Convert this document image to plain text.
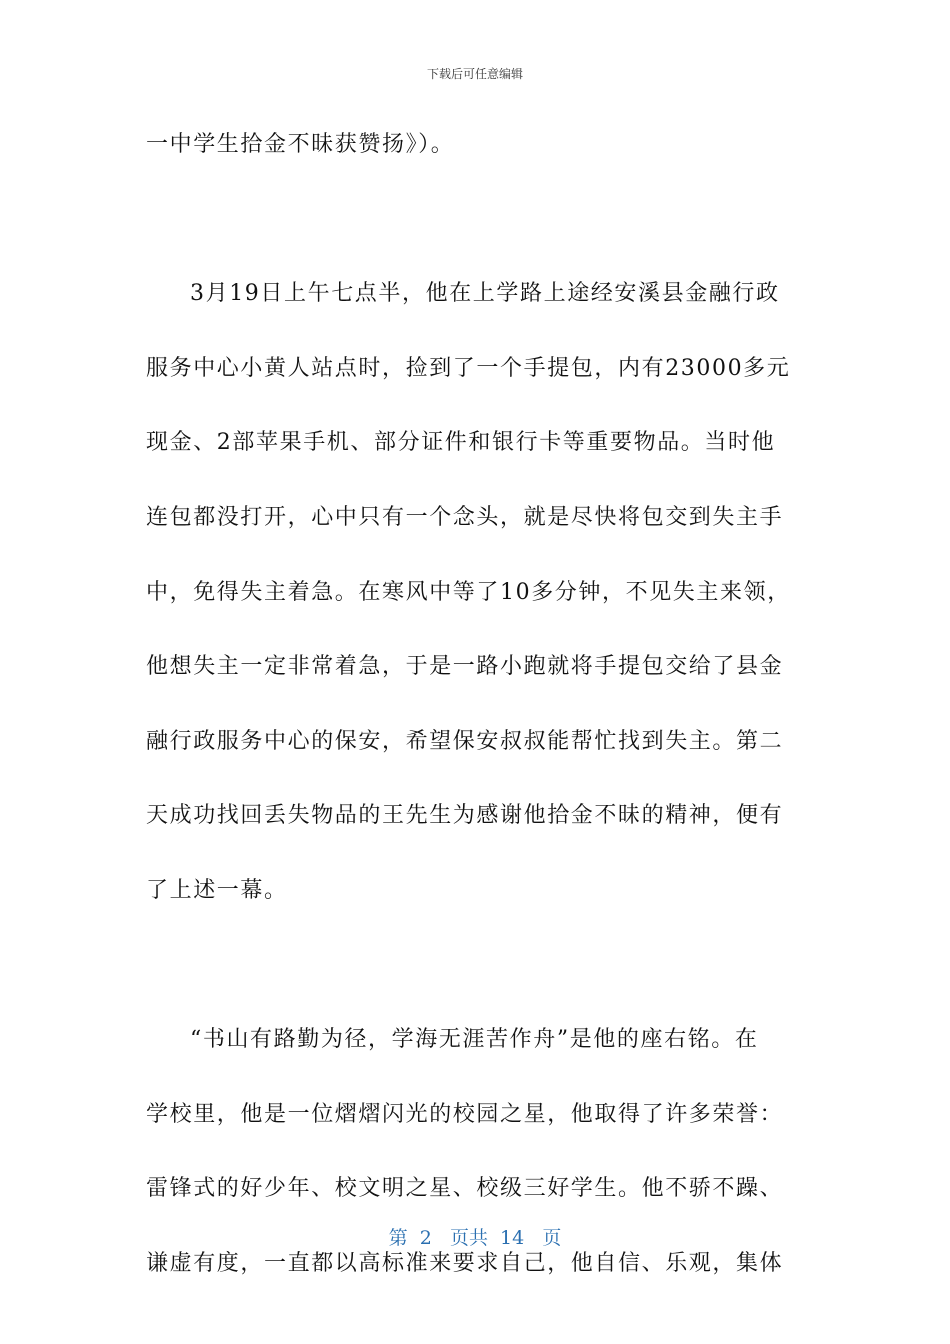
下载后可任意编辑
一中学生拾金不昧获赞扬》）。
3月19日上午七点半，他在上学路上途经安溪县金融行政
服务中心小黄人站点时，捡到了一个手提包，内有23000多元
现金、2部苹果手机、部分证件和银行卡等重要物品。当时他
连包都没打开，心中只有一个念头，就是尽快将包交到失主手
中，免得失主着急。在寒风中等了10多分钟，不见失主来领，
他想失主一定非常着急，于是一路小跑就将手提包交给了县金
融行政服务中心的保安，希望保安叔叔能帮忙找到失主。第二
天成功找回丢失物品的王先生为感谢他拾金不昧的精神，便有
了上述一幕。
“书山有路勤为径，学海无涯苦作舟”是他的座右铭。在
学校里，他是一位熠熠闪光的校园之星，他取得了许多荣誉：
雷锋式的好少年、校文明之星、校级三好学生。他不骄不躁、
谦虚有度，一直都以高标准来要求自己，他自信、乐观，集体
第 2 页共 14 页
